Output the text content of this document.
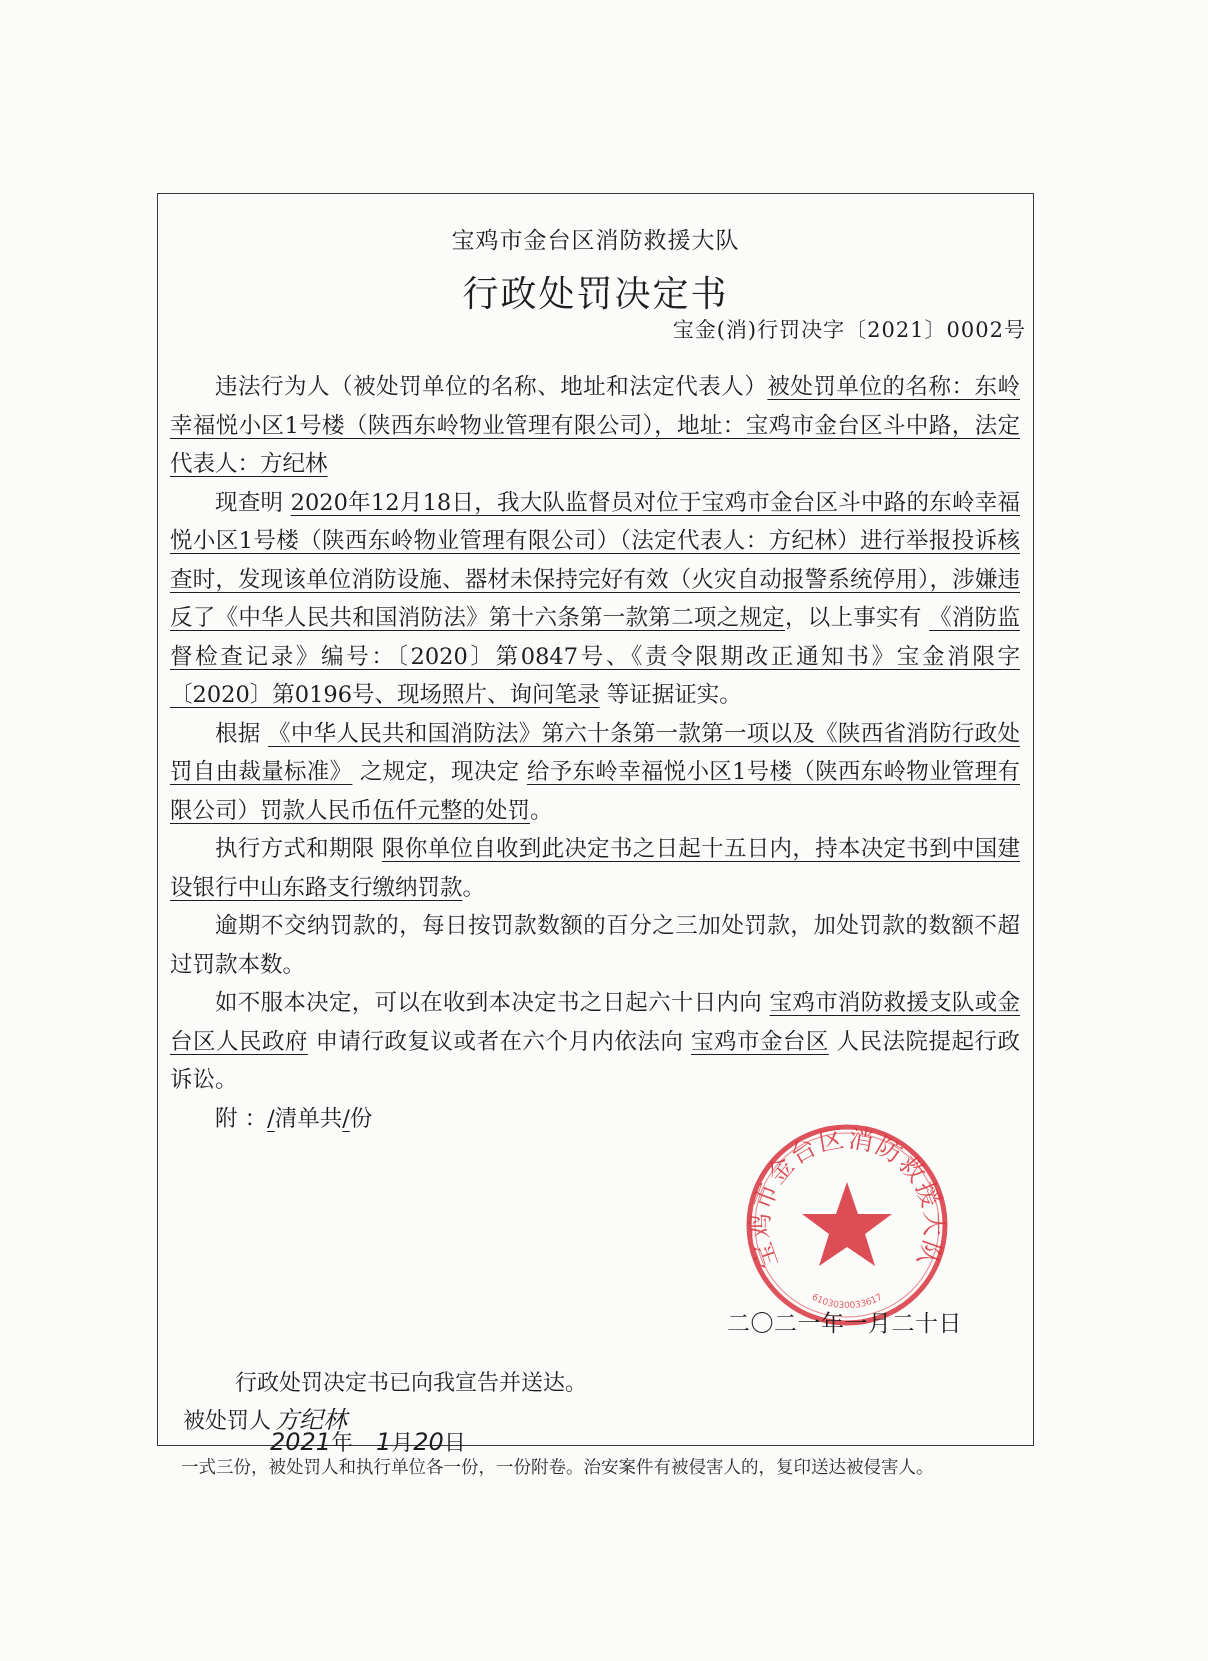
宝鸡市金台区消防救援大队
行政处罚决定书
宝金(消)行罚决字〔2021〕0002号

违法行为人（被处罚单位的名称、地址和法定代表人）被处罚单位的名称：东岭幸福悦小区1号楼（陕西东岭物业管理有限公司），地址：宝鸡市金台区斗中路，法定代表人：方纪林

现查明 2020年12月18日，我大队监督员对位于宝鸡市金台区斗中路的东岭幸福悦小区1号楼（陕西东岭物业管理有限公司）（法定代表人：方纪林）进行举报投诉核查时，发现该单位消防设施、器材未保持完好有效（火灾自动报警系统停用），涉嫌违反了《中华人民共和国消防法》第十六条第一款第二项之规定，以上事实有 《消防监督检查记录》编号：〔2020〕第0847号、《责令限期改正通知书》宝金消限字〔2020〕第0196号、现场照片、询问笔录 等证据证实。

根据 《中华人民共和国消防法》第六十条第一款第一项以及《陕西省消防行政处罚自由裁量标准》 之规定，现决定 给予东岭幸福悦小区1号楼（陕西东岭物业管理有限公司）罚款人民币伍仟元整的处罚。

执行方式和期限 限你单位自收到此决定书之日起十五日内，持本决定书到中国建设银行中山东路支行缴纳罚款。

逾期不交纳罚款的，每日按罚款数额的百分之三加处罚款，加处罚款的数额不超过罚款本数。

如不服本决定，可以在收到本决定书之日起六十日内向 宝鸡市消防救援支队或金台区人民政府 申请行政复议或者在六个月内依法向 宝鸡市金台区 人民法院提起行政诉讼。

附 ：/清单共/份

宝鸡市金台区消防救援大队
6103030033617
二〇二一年一月二十日
行政处罚决定书已向我宣告并送达。
被处罚人 方纪林
2021年 1月20日
一式三份，被处罚人和执行单位各一份，一份附卷。治安案件有被侵害人的，复印送达被侵害人。
